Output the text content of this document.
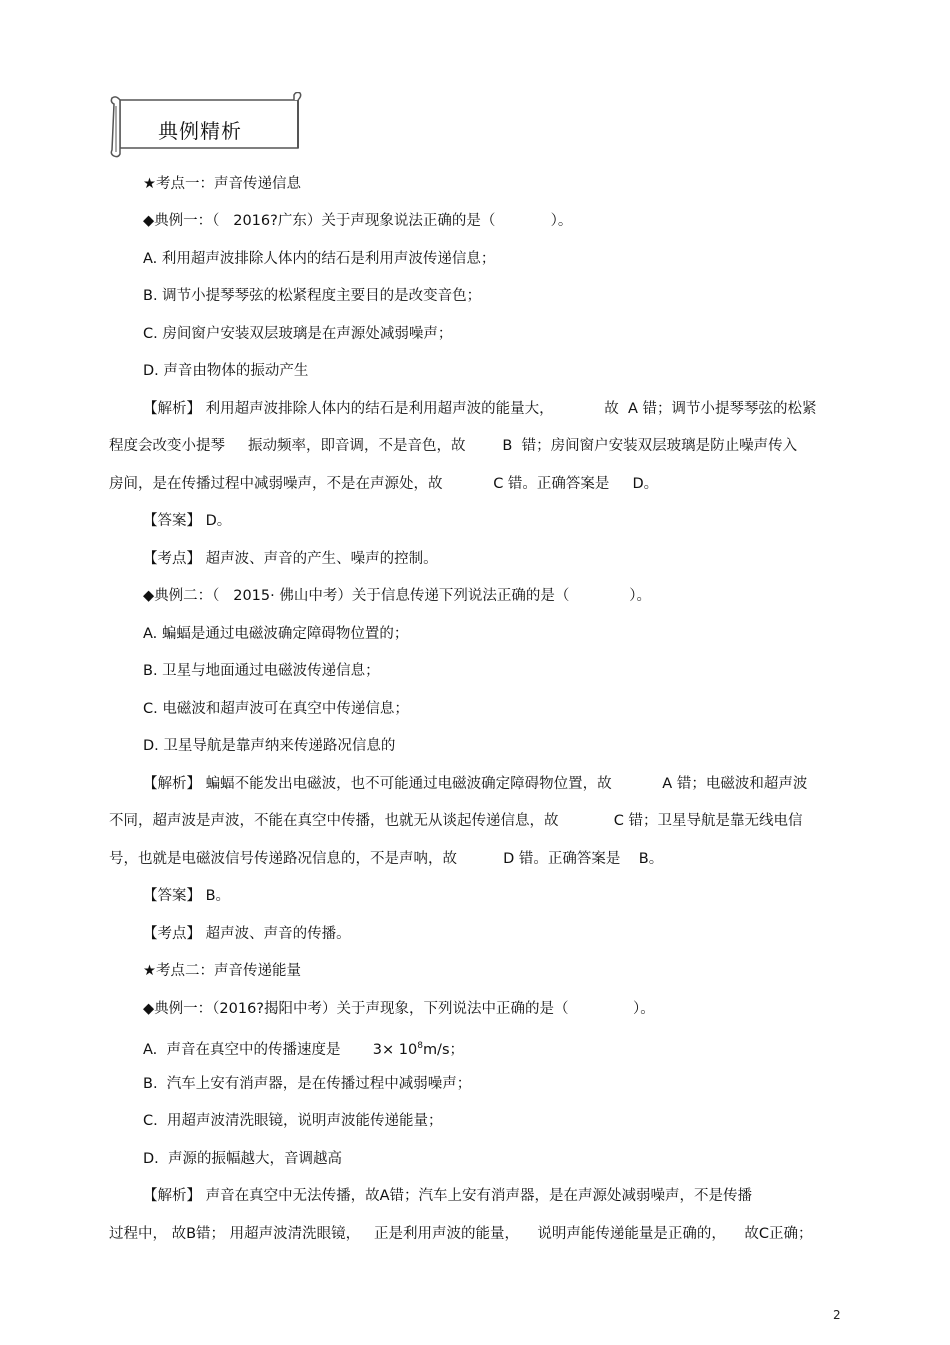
典例精析
★考点一：声音传递信息
◆典例一：（   2016?广东）关于声现象说法正确的是（            ）。
A. 利用超声波排除人体内的结石是利用声波传递信息；
B. 调节小提琴琴弦的松紧程度主要目的是改变音色；
C. 房间窗户安装双层玻璃是在声源处减弱噪声；
D. 声音由物体的振动产生
【解析】 利用超声波排除人体内的结石是利用超声波的能量大，           故  A 错；调节小提琴琴弦的松紧
程度会改变小提琴     振动频率，即音调，不是音色，故        B  错；房间窗户安装双层玻璃是防止噪声传入
房间，是在传播过程中减弱噪声，不是在声源处，故           C 错。正确答案是     D。
【答案】 D。
【考点】 超声波、声音的产生、噪声的控制。
◆典例二：（   2015· 佛山中考）关于信息传递下列说法正确的是（             ）。
A. 蝙蝠是通过电磁波确定障碍物位置的；
B. 卫星与地面通过电磁波传递信息；
C. 电磁波和超声波可在真空中传递信息；
D. 卫星导航是靠声纳来传递路况信息的
【解析】 蝙蝠不能发出电磁波，也不可能通过电磁波确定障碍物位置，故           A 错；电磁波和超声波
不同，超声波是声波，不能在真空中传播，也就无从谈起传递信息，故            C 错；卫星导航是靠无线电信
号，也就是电磁波信号传递路况信息的，不是声呐，故          D 错。正确答案是    B。
【答案】 B。
【考点】 超声波、声音的传播。
★考点二：声音传递能量
◆典例一：（2016?揭阳中考）关于声现象，下列说法中正确的是（              ）。
A.  声音在真空中的传播速度是       $3\times 10^8m/s$；
B.  汽车上安有消声器，是在传播过程中减弱噪声；
C.  用超声波清洗眼镜，说明声波能传递能量；
D.  声源的振幅越大，音调越高
【解析】 声音在真空中无法传播，故A错；汽车上安有消声器，是在声源处减弱噪声，不是传播
过程中， 故B错； 用超声波清洗眼镜，   正是利用声波的能量，    说明声能传递能量是正确的，    故C正确；
2
